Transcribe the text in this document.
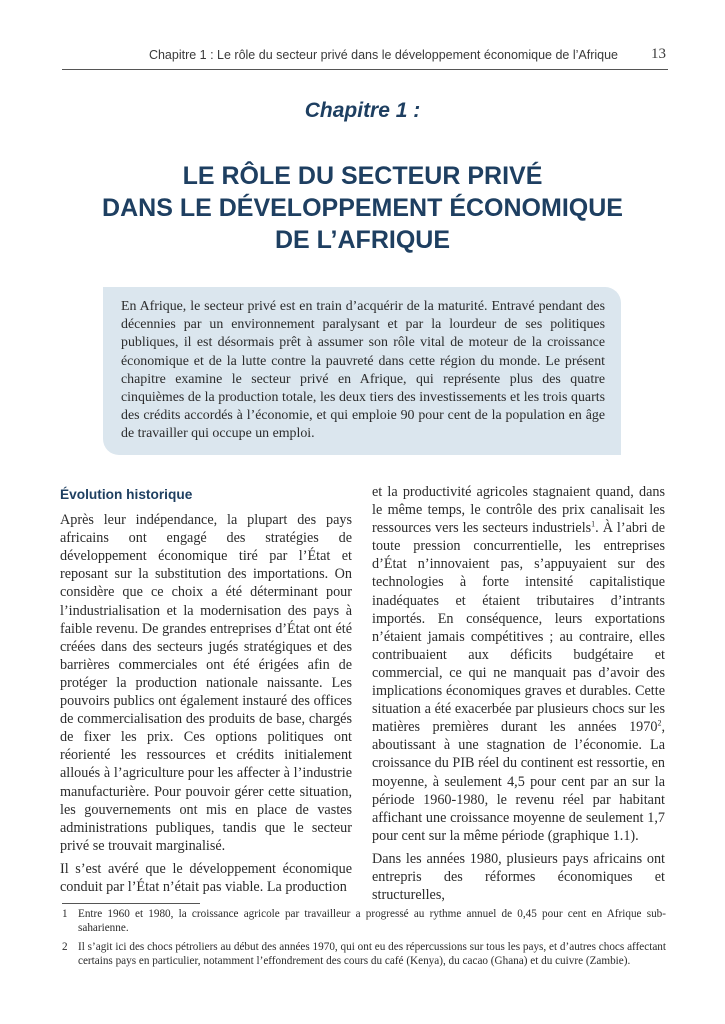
Chapitre 1 : Le rôle du secteur privé dans le développement économique de l’Afrique 13
Chapitre 1 :
LE RÔLE DU SECTEUR PRIVÉ
DANS LE DÉVELOPPEMENT ÉCONOMIQUE
DE L’AFRIQUE
En Afrique, le secteur privé est en train d’acquérir de la maturité. Entravé pendant des décennies par un environnement paralysant et par la lourdeur de ses politiques publiques, il est désormais prêt à assumer son rôle vital de moteur de la croissance économique et de la lutte contre la pauvreté dans cette région du monde. Le présent chapitre examine le secteur privé en Afrique, qui représente plus des quatre cinquièmes de la production totale, les deux tiers des investissements et les trois quarts des crédits accordés à l’économie, et qui emploie 90 pour cent de la population en âge de travailler qui occupe un emploi.
Évolution historique

Après leur indépendance, la plupart des pays africains ont engagé des stratégies de développement économique tiré par l’État et reposant sur la substitution des importations. On considère que ce choix a été déterminant pour l’industrialisation et la modernisation des pays à faible revenu. De grandes entreprises d’État ont été créées dans des secteurs jugés stratégiques et des barrières commerciales ont été érigées afin de protéger la production nationale naissante. Les pouvoirs publics ont également instauré des offices de commercialisation des produits de base, chargés de fixer les prix. Ces options politiques ont réorienté les ressources et crédits initialement alloués à l’agriculture pour les affecter à l’industrie manufacturière. Pour pouvoir gérer cette situation, les gouvernements ont mis en place de vastes administrations publiques, tandis que le secteur privé se trouvait marginalisé.

Il s’est avéré que le développement économique conduit par l’État n’était pas viable. La production

et la productivité agricoles stagnaient quand, dans le même temps, le contrôle des prix canalisait les ressources vers les secteurs industriels$^1$. À l’abri de toute pression concurrentielle, les entreprises d’État n’innovaient pas, s’appuyaient sur des technologies à forte intensité capitalistique inadéquates et étaient tributaires d’intrants importés. En conséquence, leurs exportations n’étaient jamais compétitives ; au contraire, elles contribuaient aux déficits budgétaire et commercial, ce qui ne manquait pas d’avoir des implications économiques graves et durables. Cette situation a été exacerbée par plusieurs chocs sur les matières premières durant les années 1970$^2$, aboutissant à une stagnation de l’économie. La croissance du PIB réel du continent est ressortie, en moyenne, à seulement 4,5 pour cent par an sur la période 1960-1980, le revenu réel par habitant affichant une croissance moyenne de seulement 1,7 pour cent sur la même période (graphique 1.1).

Dans les années 1980, plusieurs pays africains ont entrepris des réformes économiques et structurelles,

1 Entre 1960 et 1980, la croissance agricole par travailleur a progressé au rythme annuel de 0,45 pour cent en Afrique sub-saharienne.
2 Il s’agit ici des chocs pétroliers au début des années 1970, qui ont eu des répercussions sur tous les pays, et d’autres chocs affectant certains pays en particulier, notamment l’effondrement des cours du café (Kenya), du cacao (Ghana) et du cuivre (Zambie).
